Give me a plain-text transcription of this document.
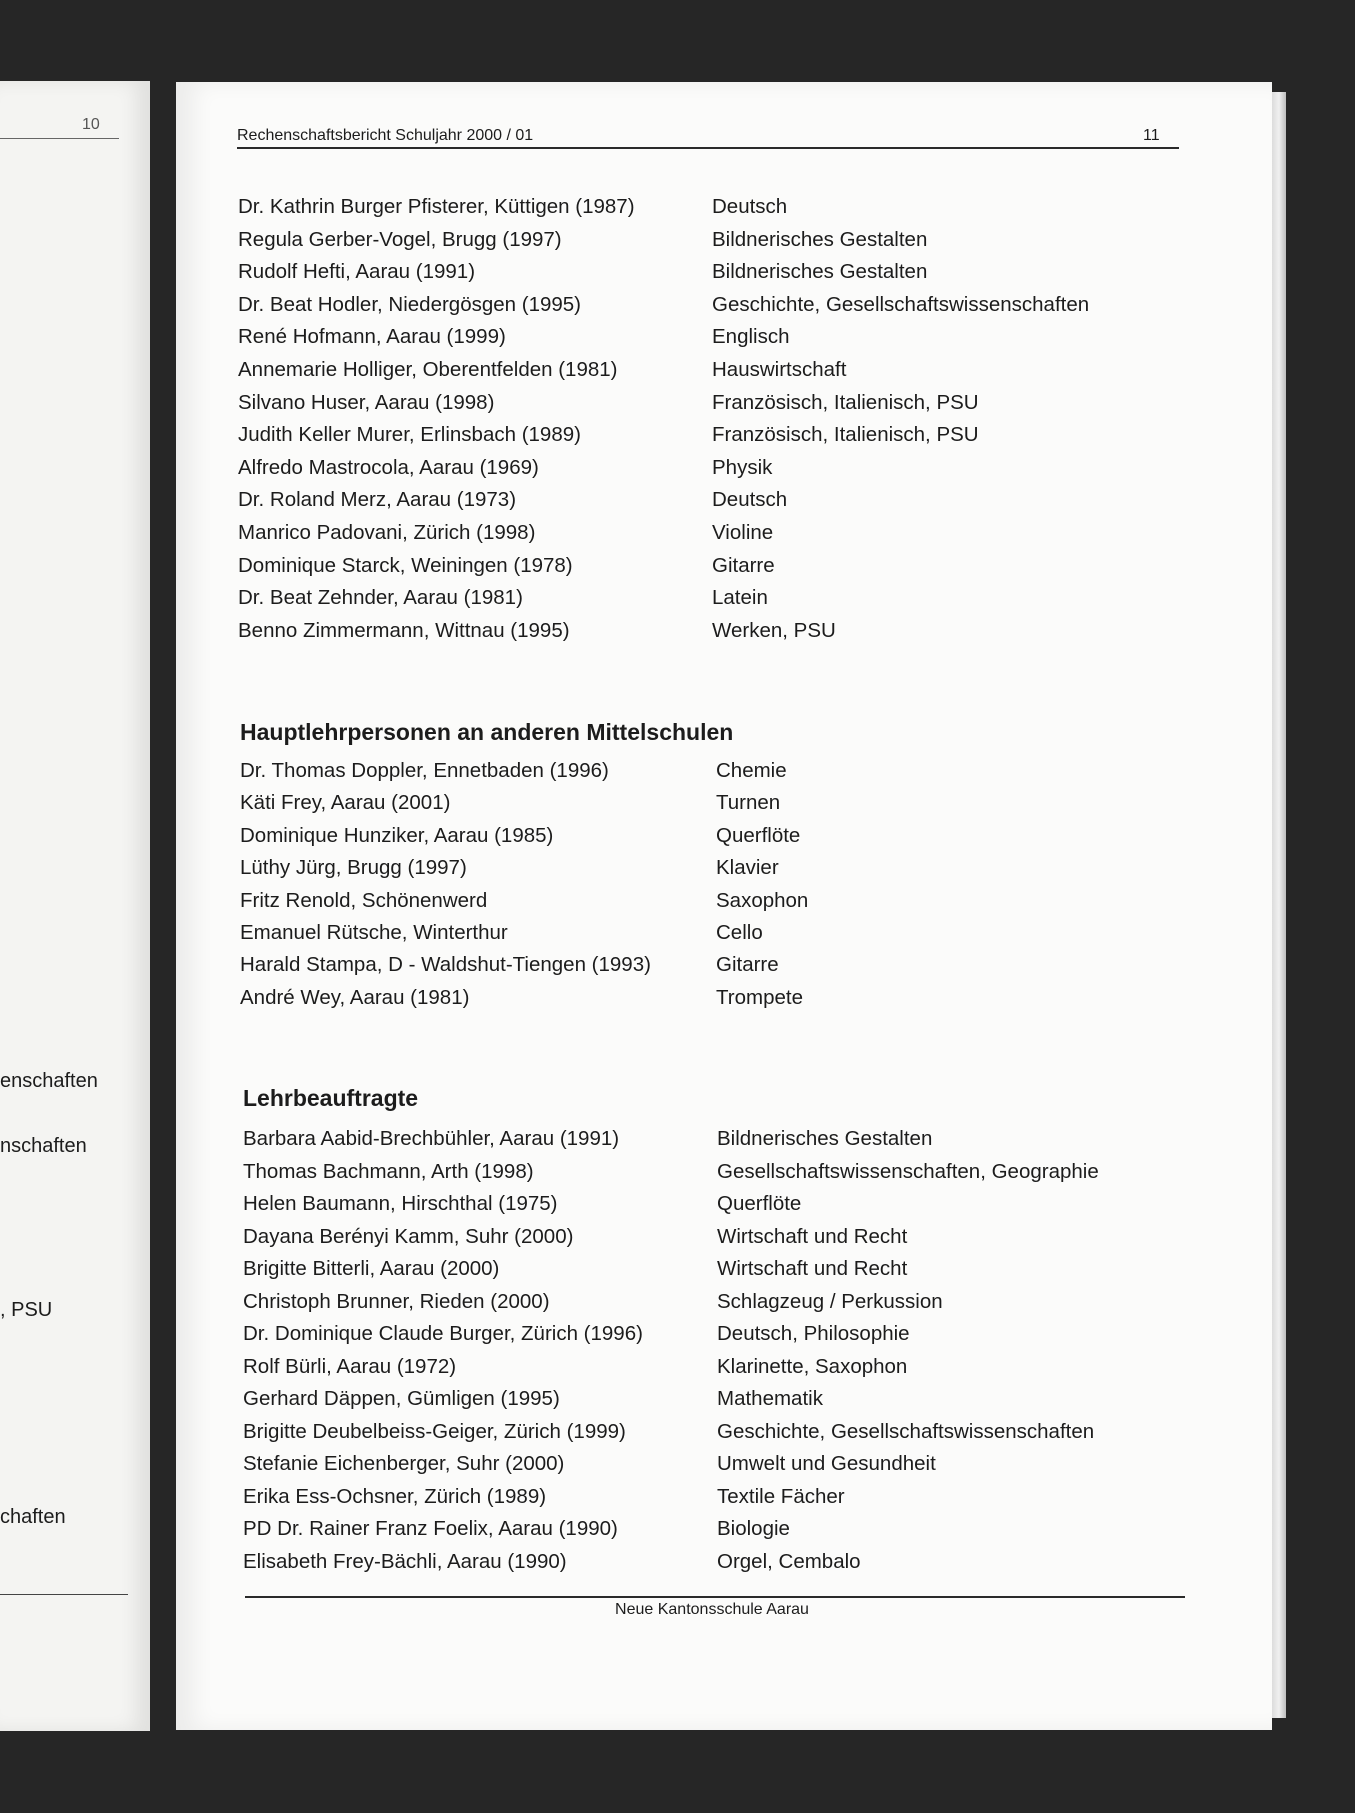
10
enschaften
nschaften
, PSU
chaften
Rechenschaftsbericht Schuljahr 2000 / 01	11
Dr. Kathrin Burger Pfisterer, Küttigen (1987)	Deutsch
Regula Gerber-Vogel, Brugg (1997)	Bildnerisches Gestalten
Rudolf Hefti, Aarau (1991)	Bildnerisches Gestalten
Dr. Beat Hodler, Niedergösgen (1995)	Geschichte, Gesellschaftswissenschaften
René Hofmann, Aarau (1999)	Englisch
Annemarie Holliger, Oberentfelden (1981)	Hauswirtschaft
Silvano Huser, Aarau (1998)	Französisch, Italienisch, PSU
Judith Keller Murer, Erlinsbach (1989)	Französisch, Italienisch, PSU
Alfredo Mastrocola, Aarau (1969)	Physik
Dr. Roland Merz, Aarau (1973)	Deutsch
Manrico Padovani, Zürich (1998)	Violine
Dominique Starck, Weiningen (1978)	Gitarre
Dr. Beat Zehnder, Aarau (1981)	Latein
Benno Zimmermann, Wittnau (1995)	Werken, PSU
Hauptlehrpersonen an anderen Mittelschulen
Dr. Thomas Doppler, Ennetbaden (1996)	Chemie
Käti Frey, Aarau (2001)	Turnen
Dominique Hunziker, Aarau (1985)	Querflöte
Lüthy Jürg, Brugg (1997)	Klavier
Fritz Renold, Schönenwerd	Saxophon
Emanuel Rütsche, Winterthur	Cello
Harald Stampa, D - Waldshut-Tiengen (1993)	Gitarre
André Wey, Aarau (1981)	Trompete
Lehrbeauftragte
Barbara Aabid-Brechbühler, Aarau (1991)	Bildnerisches Gestalten
Thomas Bachmann, Arth (1998)	Gesellschaftswissenschaften, Geographie
Helen Baumann, Hirschthal (1975)	Querflöte
Dayana Berényi Kamm, Suhr (2000)	Wirtschaft und Recht
Brigitte Bitterli, Aarau (2000)	Wirtschaft und Recht
Christoph Brunner, Rieden (2000)	Schlagzeug / Perkussion
Dr. Dominique Claude Burger, Zürich (1996)	Deutsch, Philosophie
Rolf Bürli, Aarau (1972)	Klarinette, Saxophon
Gerhard Däppen, Gümligen (1995)	Mathematik
Brigitte Deubelbeiss-Geiger, Zürich (1999)	Geschichte, Gesellschaftswissenschaften
Stefanie Eichenberger, Suhr (2000)	Umwelt und Gesundheit
Erika Ess-Ochsner, Zürich (1989)	Textile Fächer
PD Dr. Rainer Franz Foelix, Aarau (1990)	Biologie
Elisabeth Frey-Bächli, Aarau (1990)	Orgel, Cembalo
Neue Kantonsschule Aarau
